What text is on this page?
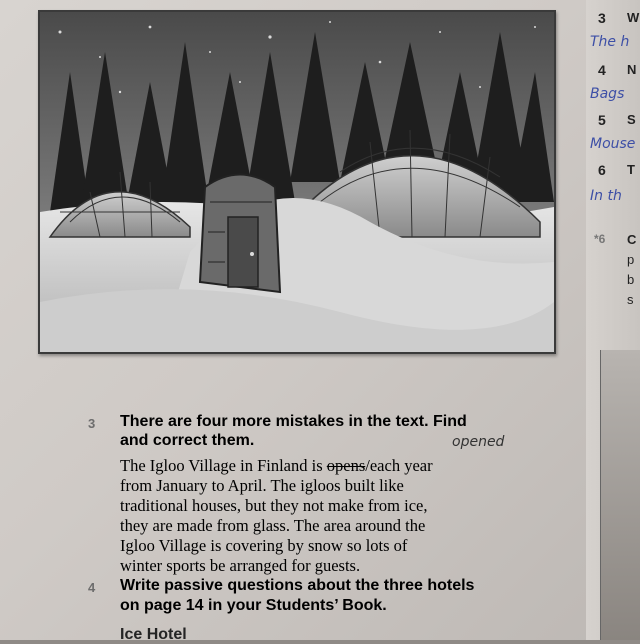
3 There are four more mistakes in the text. Find
and correct them.	opened
The Igloo Village in Finland is opens/each year
from January to April. The igloos built like
traditional houses, but they not make from ice,
they are made from glass. The area around the
Igloo Village is covering by snow so lots of
winter sports be arranged for guests.
4 Write passive questions about the three hotels
on page 14 in your Students’ Book.
Ice Hotel
3 W
The h
4 N
Bags
5 S
Mouse
6 T
In th
*6 C
p
b
s
